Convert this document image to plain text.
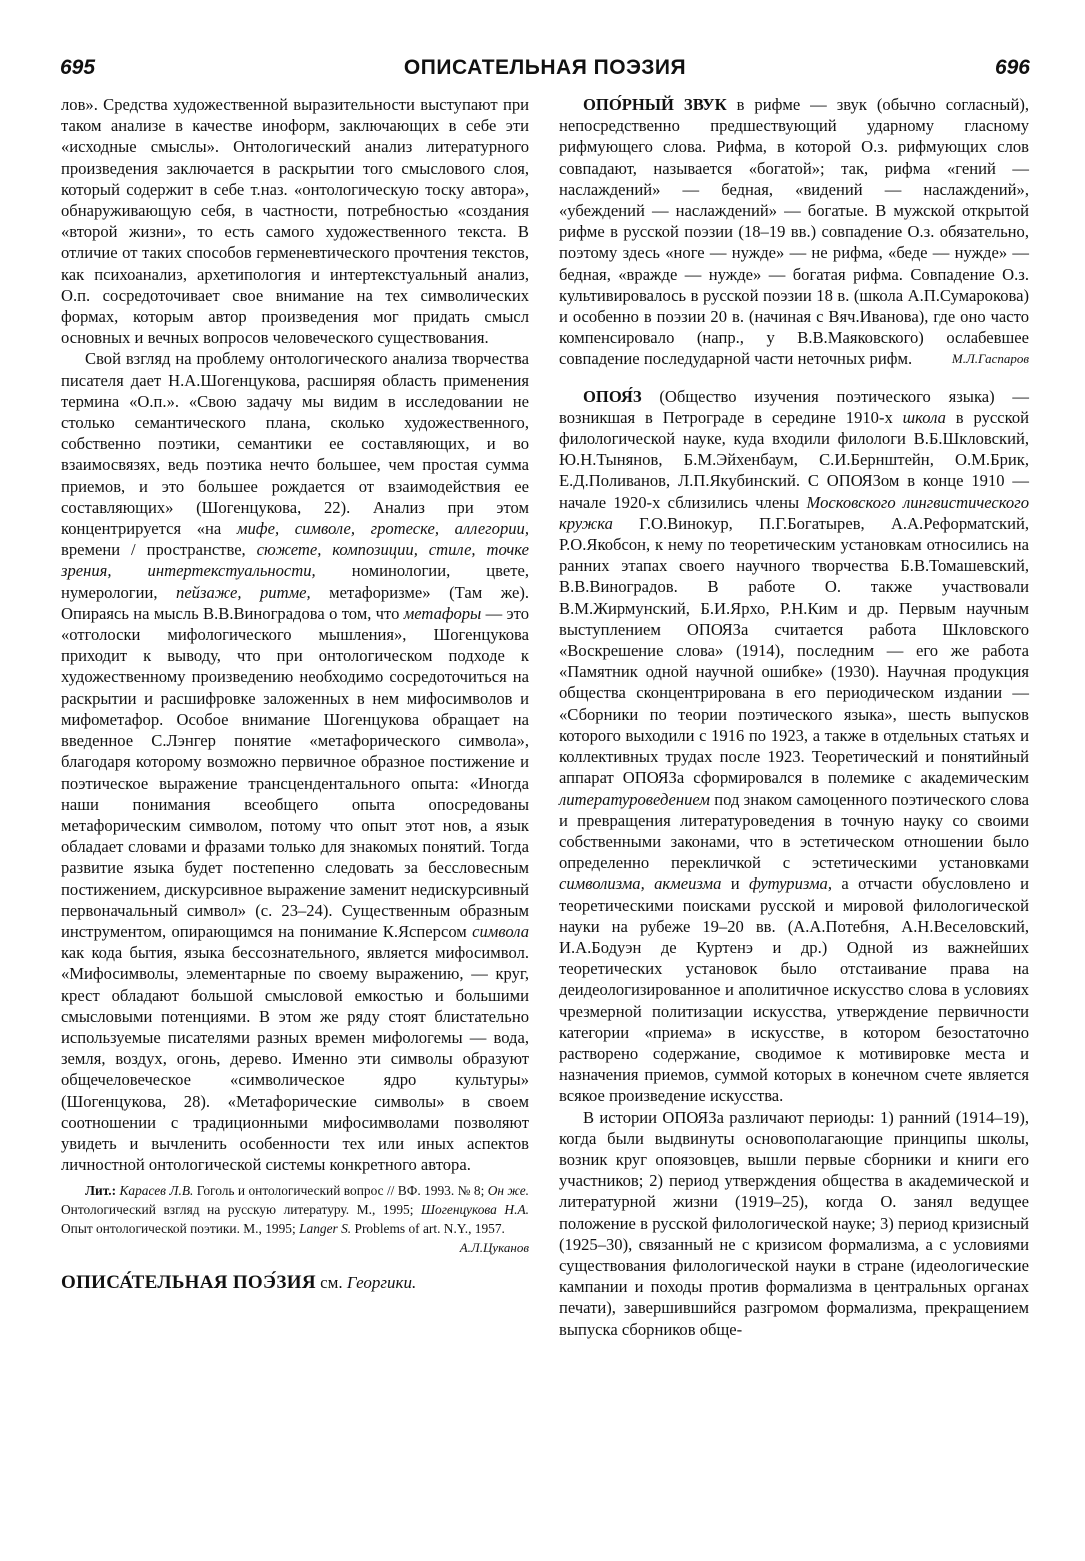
695	ОПИСАТЕЛЬНАЯ ПОЭЗИЯ	696

лов». Средства художественной выразительности выступают при таком анализе в качестве иноформ, заключающих в себе эти «исходные смыслы». Онтологический анализ литературного произведения заключается в раскрытии того смыслового слоя, который содержит в себе т.наз. «онтологическую тоску автора», обнаруживающую себя, в частности, потребностью «создания «второй жизни», то есть самого художественного текста. В отличие от таких способов герменевтического прочтения текстов, как психоанализ, архетипология и интертекстуальный анализ, О.п. сосредоточивает свое внимание на тех символических формах, которым автор произведения мог придать смысл основных и вечных вопросов человеческого существования.

Свой взгляд на проблему онтологического анализа творчества писателя дает Н.А.Шогенцукова, расширяя область применения термина «О.п.». «Свою задачу мы видим в исследовании не столько семантического плана, сколько художественного, собственно поэтики, семантики ее составляющих, и во взаимосвязях, ведь поэтика нечто большее, чем простая сумма приемов, и это большее рождается от взаимодействия ее составляющих» (Шогенцукова, 22). Анализ при этом концентрируется «на мифе, символе, гротеске, аллегории, времени / пространстве, сюжете, композиции, стиле, точке зрения, интертекстуальности, номинологии, цвете, нумерологии, пейзаже, ритме, метафоризме» (Там же). Опираясь на мысль В.В.Виноградова о том, что метафоры — это «отголоски мифологического мышления», Шогенцукова приходит к выводу, что при онтологическом подходе к художественному произведению необходимо сосредоточиться на раскрытии и расшифровке заложенных в нем мифосимволов и мифометафор. Особое внимание Шогенцукова обращает на введенное С.Лэнгер понятие «метафорического символа», благодаря которому возможно первичное образное постижение и поэтическое выражение трансцендентального опыта: «Иногда наши понимания всеобщего опыта опосредованы метафорическим символом, потому что опыт этот нов, а язык обладает словами и фразами только для знакомых понятий. Тогда развитие языка будет постепенно следовать за бессловесным постижением, дискурсивное выражение заменит недискурсивный первоначальный символ» (с. 23–24). Существенным образным инструментом, опирающимся на понимание К.Ясперсом символа как кода бытия, языка бессознательного, является мифосимвол. «Мифосимволы, элементарные по своему выражению, — круг, крест обладают большой смысловой емкостью и большими смысловыми потенциями. В этом же ряду стоят блистательно используемые писателями разных времен мифологемы — вода, земля, воздух, огонь, дерево. Именно эти символы образуют общечеловеческое «символическое ядро культуры» (Шогенцукова, 28). «Метафорические символы» в своем соотношении с традиционными мифосимволами позволяют увидеть и вычленить особенности тех или иных аспектов личностной онтологической системы конкретного автора.

Лит.: Карасев Л.В. Гоголь и онтологический вопрос // ВФ. 1993. № 8; Он же. Онтологический взгляд на русскую литературу. М., 1995; Шогенцукова Н.А. Опыт онтологической поэтики. М., 1995; Langer S. Problems of art. N.Y., 1957.
А.Л.Цуканов

ОПИСА́ТЕЛЬНАЯ ПОЭ́ЗИЯ см. Георгики.

ОПО́РНЫЙ ЗВУК в рифме — звук (обычно согласный), непосредственно предшествующий ударному гласному рифмующего слова. Рифма, в которой О.з. рифмующих слов совпадают, называется «богатой»; так, рифма «гений — наслаждений» — бедная, «видений — наслаждений», «убеждений — наслаждений» — богатые. В мужской открытой рифме в русской поэзии (18–19 вв.) совпадение О.з. обязательно, поэтому здесь «ноге — нужде» — не рифма, «беде — нужде» — бедная, «вражде — нужде» — богатая рифма. Совпадение О.з. культивировалось в русской поэзии 18 в. (школа А.П.Сумарокова) и особенно в поэзии 20 в. (начиная с Вяч.Иванова), где оно часто компенсировало (напр., у В.В.Маяковского) ослабевшее совпадение последударной части неточных рифм.	М.Л.Гаспаров

ОПОЯ́З (Общество изучения поэтического языка) — возникшая в Петрограде в середине 1910-х школа в русской филологической науке, куда входили филологи В.Б.Шкловский, Ю.Н.Тынянов, Б.М.Эйхенбаум, С.И.Бернштейн, О.М.Брик, Е.Д.Поливанов, Л.П.Якубинский. С ОПОЯЗом в конце 1910 — начале 1920-х сблизились члены Московского лингвистического кружка Г.О.Винокур, П.Г.Богатырев, А.А.Реформатский, Р.О.Якобсон, к нему по теоретическим установкам относились на ранних этапах своего научного творчества Б.В.Томашевский, В.В.Виноградов. В работе О. также участвовали В.М.Жирмунский, Б.И.Ярхо, Р.Н.Ким и др. Первым научным выступлением ОПОЯЗа считается работа Шкловского «Воскрешение слова» (1914), последним — его же работа «Памятник одной научной ошибке» (1930). Научная продукция общества сконцентрирована в его периодическом издании — «Сборники по теории поэтического языка», шесть выпусков которого выходили с 1916 по 1923, а также в отдельных статьях и коллективных трудах после 1923. Теоретический и понятийный аппарат ОПОЯЗа сформировался в полемике с академическим литературоведением под знаком самоценного поэтического слова и превращения литературоведения в точную науку со своими собственными законами, что в эстетическом отношении было определенно перекличкой с эстетическими установками символизма, акмеизма и футуризма, а отчасти обусловлено и теоретическими поисками русской и мировой филологической науки на рубеже 19–20 вв. (А.А.Потебня, А.Н.Веселовский, И.А.Бодуэн де Куртенэ и др.) Одной из важнейших теоретических установок было отстаивание права на деидеологизированное и аполитичное искусство слова в условиях чрезмерной политизации искусства, утверждение первичности категории «приема» в искусстве, в котором безостаточно растворено содержание, сводимое к мотивировке места и назначения приемов, суммой которых в конечном счете является всякое произведение искусства.

В истории ОПОЯЗа различают периоды: 1) ранний (1914–19), когда были выдвинуты основополагающие принципы школы, возник круг опоязовцев, вышли первые сборники и книги его участников; 2) период утверждения общества в академической и литературной жизни (1919–25), когда О. занял ведущее положение в русской филологической науке; 3) период кризисный (1925–30), связанный не с кризисом формализма, а с условиями существования филологической науки в стране (идеологические кампании и походы против формализма в центральных органах печати), завершившийся разгромом формализма, прекращением выпуска сборников обще-
